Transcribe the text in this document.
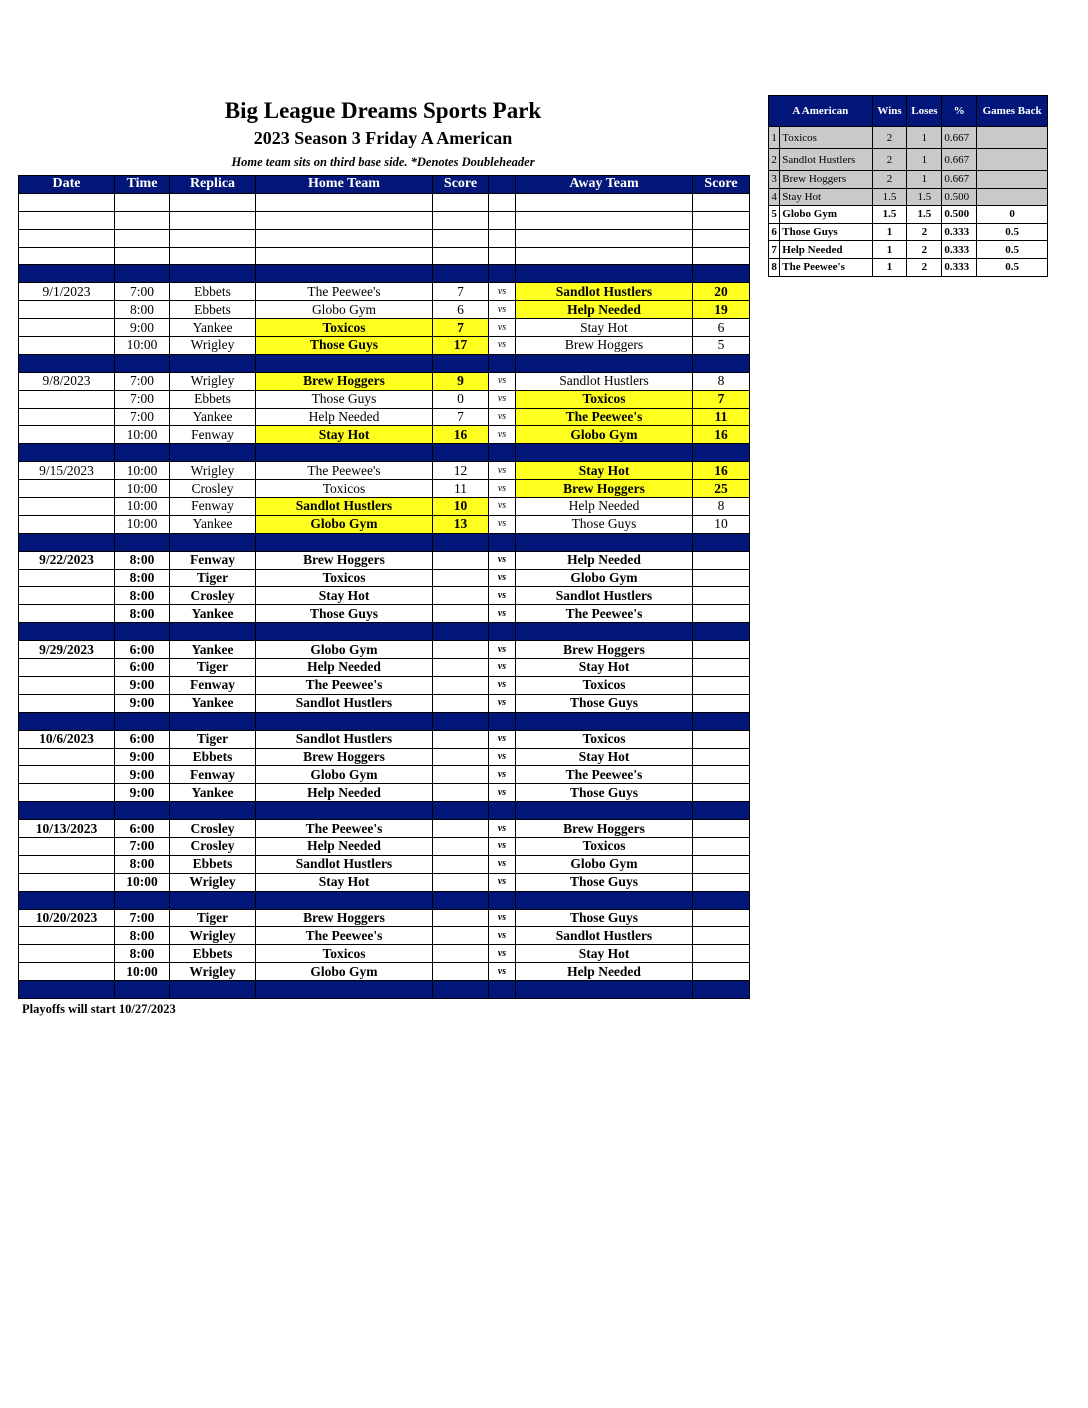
Big League Dreams Sports Park
2023 Season 3 Friday A American
Home team sits on third base side. *Denotes Doubleheader
Date	Time	Replica	Home Team	Score		Away Team	Score

9/1/2023	7:00	Ebbets	The Peewee's	7	vs	Sandlot Hustlers	20
	8:00	Ebbets	Globo Gym	6	vs	Help Needed	19
	9:00	Yankee	Toxicos	7	vs	Stay Hot	6
	10:00	Wrigley	Those Guys	17	vs	Brew Hoggers	5

9/8/2023	7:00	Wrigley	Brew Hoggers	9	vs	Sandlot Hustlers	8
	7:00	Ebbets	Those Guys	0	vs	Toxicos	7
	7:00	Yankee	Help Needed	7	vs	The Peewee's	11
	10:00	Fenway	Stay Hot	16	vs	Globo Gym	16

9/15/2023	10:00	Wrigley	The Peewee's	12	vs	Stay Hot	16
	10:00	Crosley	Toxicos	11	vs	Brew Hoggers	25
	10:00	Fenway	Sandlot Hustlers	10	vs	Help Needed	8
	10:00	Yankee	Globo Gym	13	vs	Those Guys	10

9/22/2023	8:00	Fenway	Brew Hoggers		vs	Help Needed	
	8:00	Tiger	Toxicos		vs	Globo Gym	
	8:00	Crosley	Stay Hot		vs	Sandlot Hustlers	
	8:00	Yankee	Those Guys		vs	The Peewee's	

9/29/2023	6:00	Yankee	Globo Gym		vs	Brew Hoggers	
	6:00	Tiger	Help Needed		vs	Stay Hot	
	9:00	Fenway	The Peewee's		vs	Toxicos	
	9:00	Yankee	Sandlot Hustlers		vs	Those Guys	

10/6/2023	6:00	Tiger	Sandlot Hustlers		vs	Toxicos	
	9:00	Ebbets	Brew Hoggers		vs	Stay Hot	
	9:00	Fenway	Globo Gym		vs	The Peewee's	
	9:00	Yankee	Help Needed		vs	Those Guys	

10/13/2023	6:00	Crosley	The Peewee's		vs	Brew Hoggers	
	7:00	Crosley	Help Needed		vs	Toxicos	
	8:00	Ebbets	Sandlot Hustlers		vs	Globo Gym	
	10:00	Wrigley	Stay Hot		vs	Those Guys	

10/20/2023	7:00	Tiger	Brew Hoggers		vs	Those Guys	
	8:00	Wrigley	The Peewee's		vs	Sandlot Hustlers	
	8:00	Ebbets	Toxicos		vs	Stay Hot	
	10:00	Wrigley	Globo Gym		vs	Help Needed	

A American		Wins	Loses	%	Games Back
1	Toxicos	2	1	0.667	
2	Sandlot Hustlers	2	1	0.667	
3	Brew Hoggers	2	1	0.667	
4	Stay Hot	1.5	1.5	0.500	
5	Globo Gym	1.5	1.5	0.500	0
6	Those Guys	1	2	0.333	0.5
7	Help Needed	1	2	0.333	0.5
8	The Peewee's	1	2	0.333	0.5
Playoffs will start 10/27/2023
